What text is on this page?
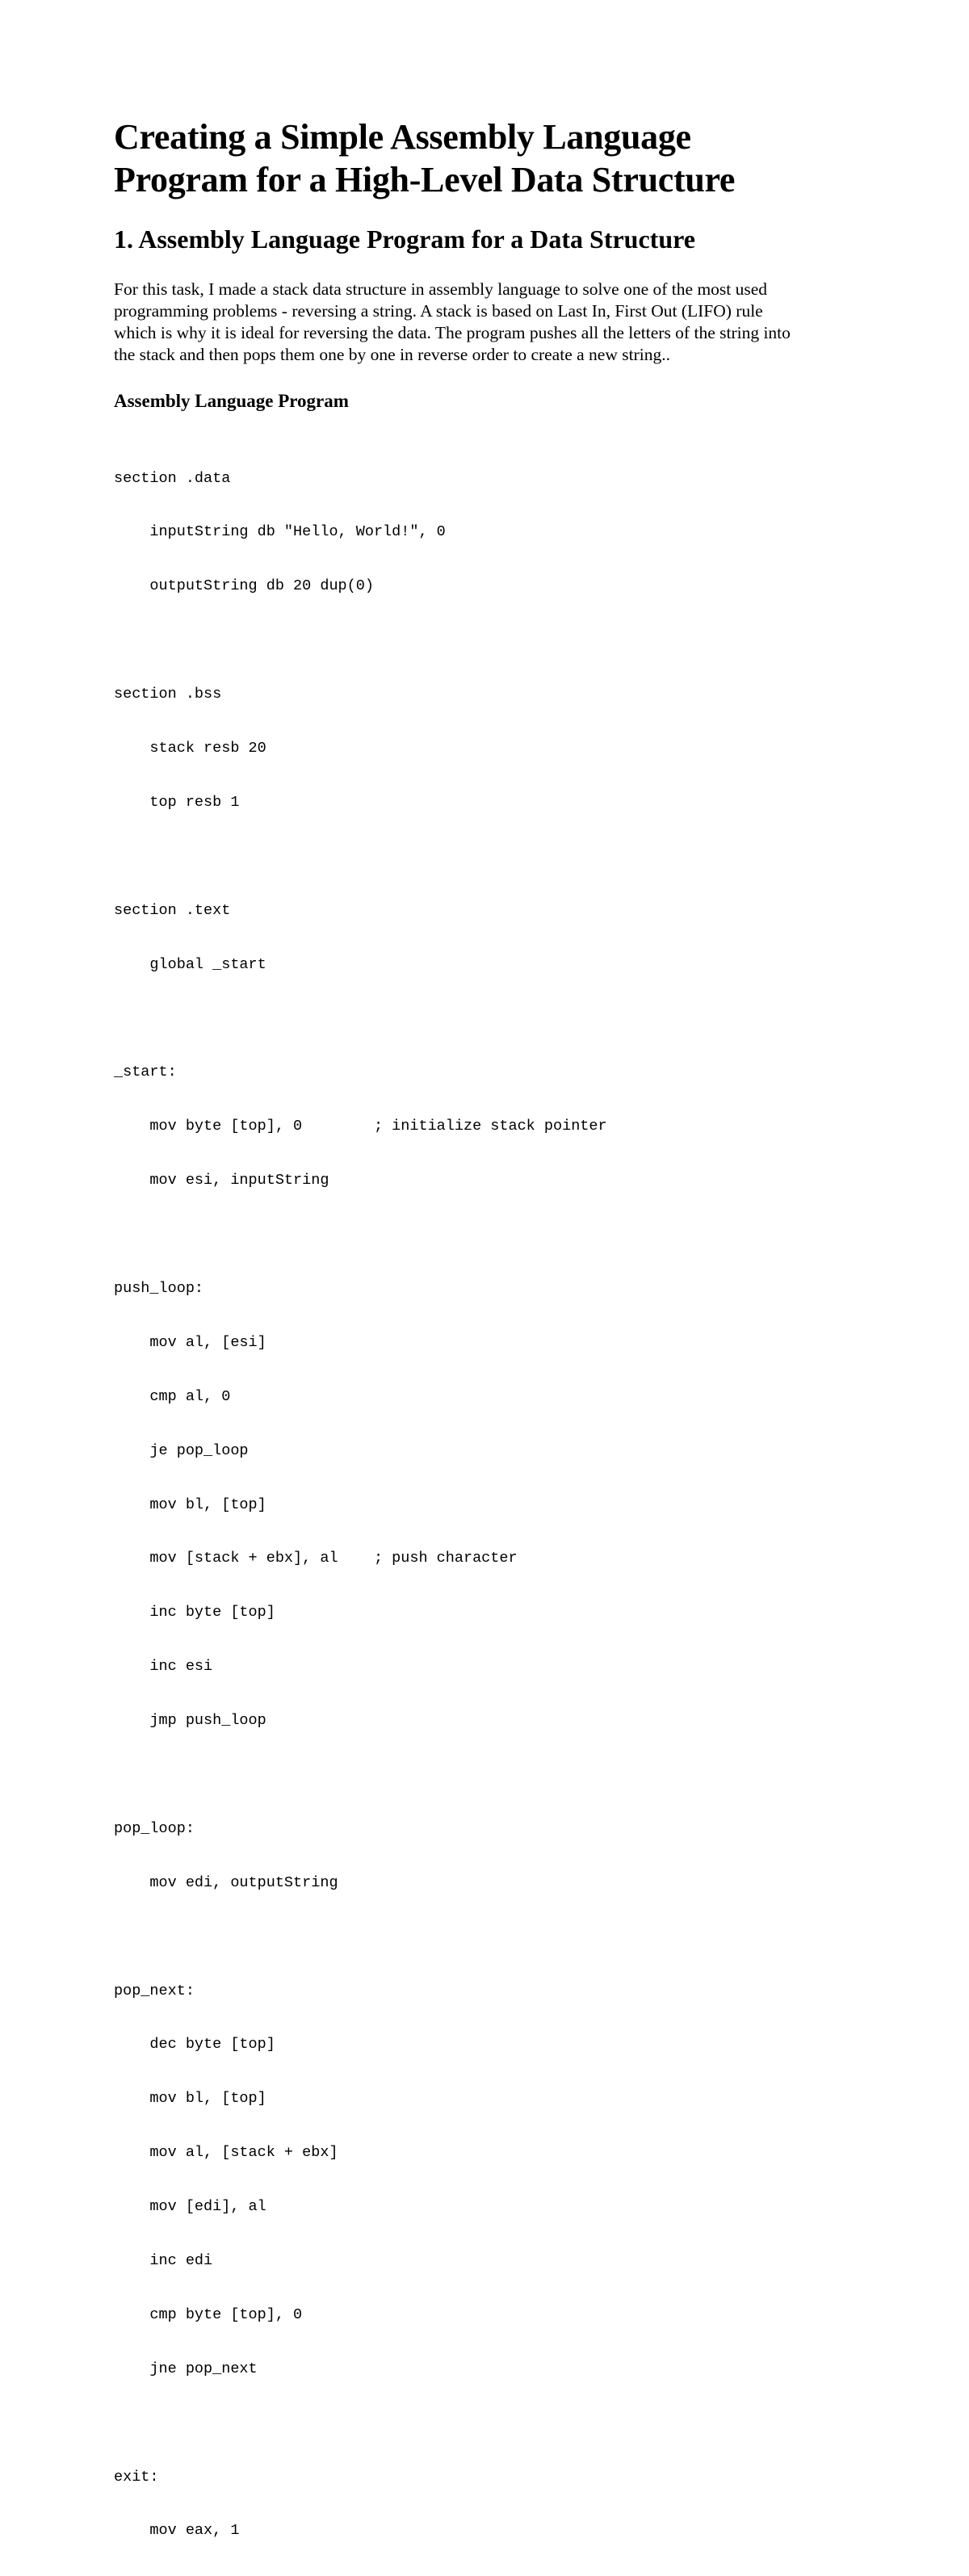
Creating a Simple Assembly Language
Program for a High-Level Data Structure
1. Assembly Language Program for a Data Structure

For this task, I made a stack data structure in assembly language to solve one of the most used
programming problems - reversing a string. A stack is based on Last In, First Out (LIFO) rule
which is why it is ideal for reversing the data. The program pushes all the letters of the string into
the stack and then pops them one by one in reverse order to create a new string..

Assembly Language Program

section .data

inputString db "Hello, World!", 0

outputString db 20 dup(0)

section .bss

stack resb 20

top resb 1

section .text

global _start

_start:

mov byte [top], 0        ; initialize stack pointer

mov esi, inputString

push_loop:

mov al, [esi]

cmp al, 0

je pop_loop

mov bl, [top]

mov [stack + ebx], al    ; push character

inc byte [top]

inc esi

jmp push_loop

pop_loop:

mov edi, outputString

pop_next:

dec byte [top]

mov bl, [top]

mov al, [stack + ebx]

mov [edi], al

inc edi

cmp byte [top], 0

jne pop_next

exit:

mov eax, 1
